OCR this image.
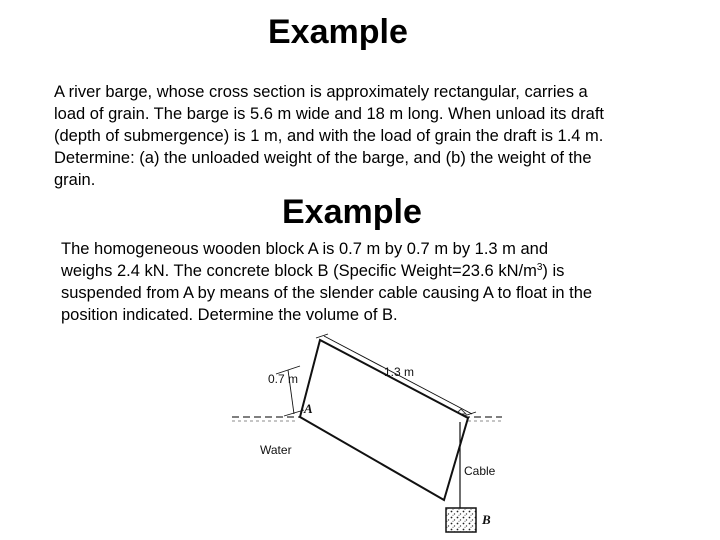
Example
A river barge, whose cross section is approximately rectangular, carries a
load of grain. The barge is 5.6 m wide and 18 m long. When unload its draft
(depth of submergence) is 1 m, and with the load of grain the draft is 1.4 m.
Determine: (a) the unloaded weight of the barge, and (b) the weight of the
grain.
Example
The homogeneous wooden block A is 0.7 m by 0.7 m by 1.3 m and
weighs 2.4 kN. The concrete block B (Specific Weight=23.6 $kN/m^3$) is
suspended from A by means of the slender cable causing A to float in the
position indicated. Determine the volume of B.
0.7 m	1.3 m
A
Water
Cable
B
